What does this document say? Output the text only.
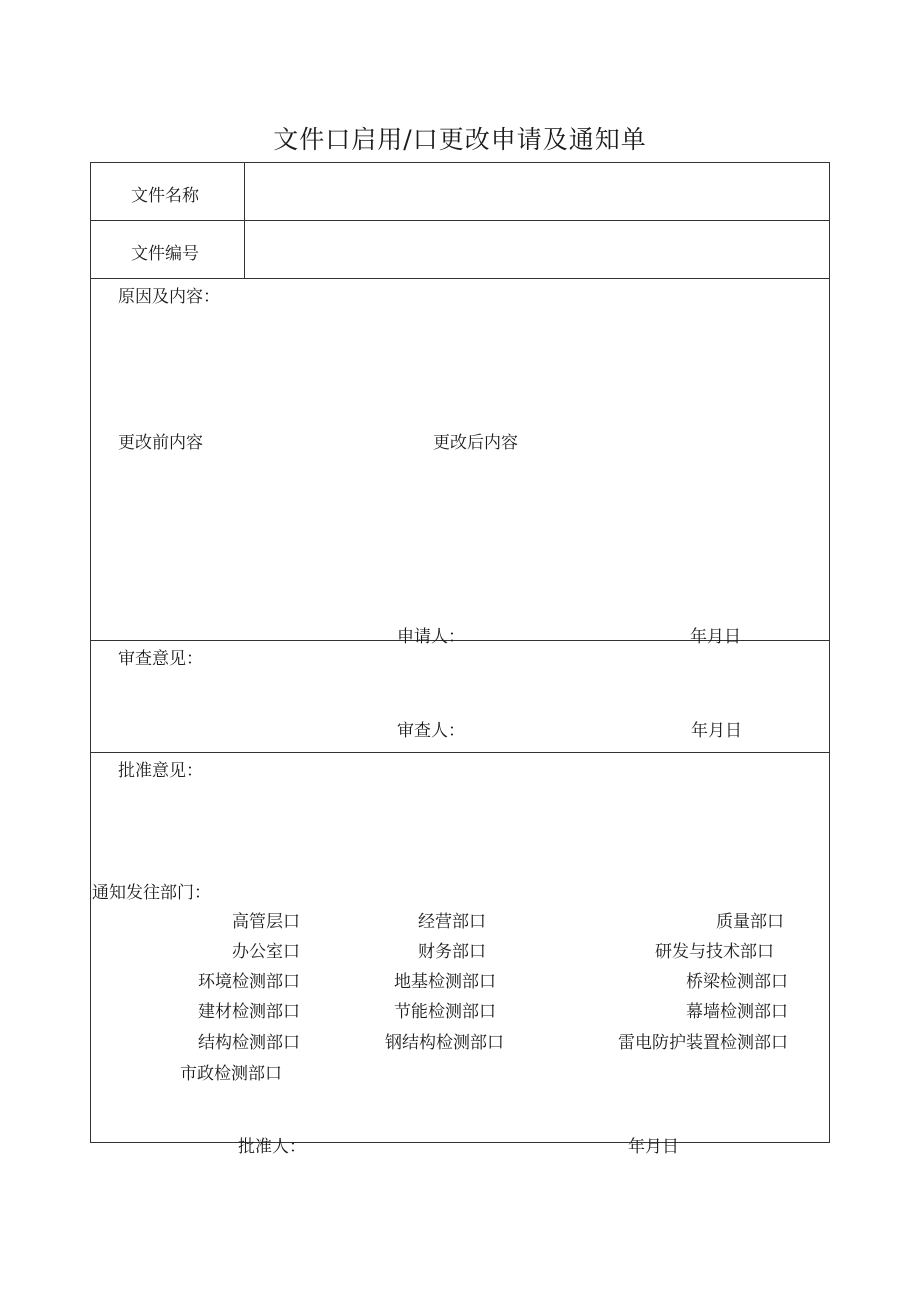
文件口启用/口更改申请及通知单
文件名称
文件编号
原因及内容：
更改前内容	更改后内容
申请人：	年月日
审查意见：
审查人：	年月日
批准意见：
通知发往部门：
高管层口	经营部口	质量部口
办公室口	财务部口	研发与技术部口
环境检测部口	地基检测部口	桥梁检测部口
建材检测部口	节能检测部口	幕墙检测部口
结构检测部口	钢结构检测部口	雷电防护装置检测部口
市政检测部口
批准人：	年月日
